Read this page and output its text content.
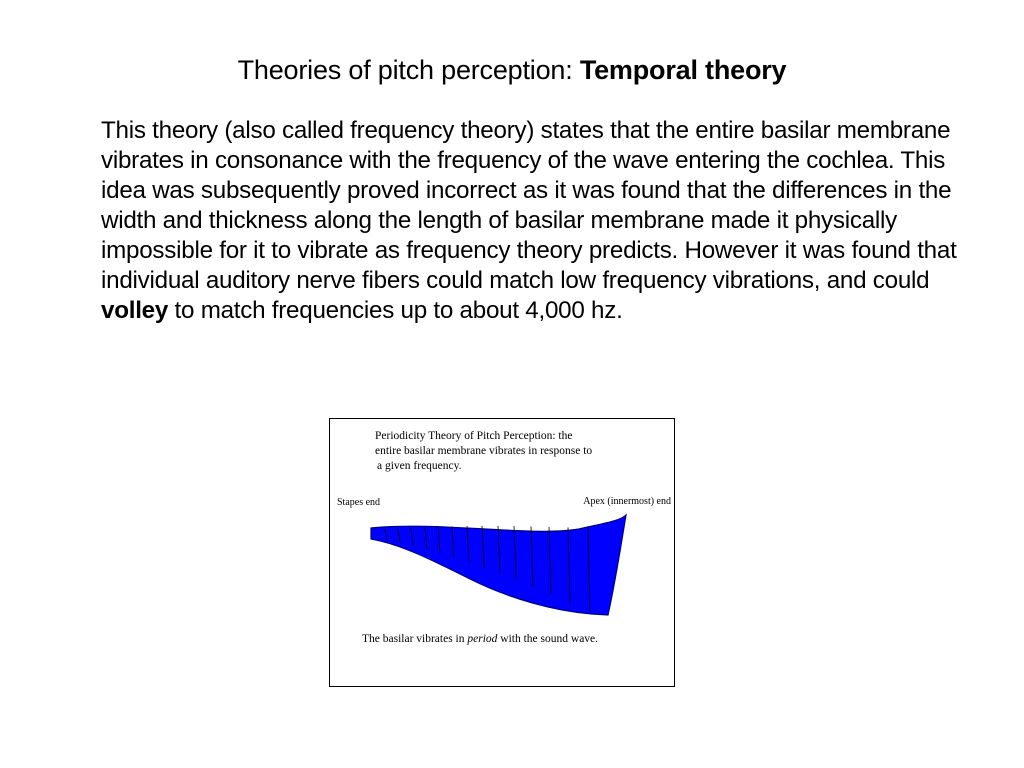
Theories of pitch perception: Temporal theory
This theory (also called frequency theory) states that the entire basilar membrane vibrates in consonance with the frequency of the wave entering the cochlea. This idea was subsequently proved incorrect as it was found that the differences in the width and thickness along the length of basilar membrane made it physically impossible for it to vibrate as frequency theory predicts. However it was found that individual auditory nerve fibers could match low frequency vibrations, and could volley to match frequencies up to about 4,000 hz.
Periodicity Theory of Pitch Perception: the
entire basilar membrane vibrates in response to
a given frequency.
Stapes end	Apex (innermost) end
The basilar vibrates in period with the sound wave.
